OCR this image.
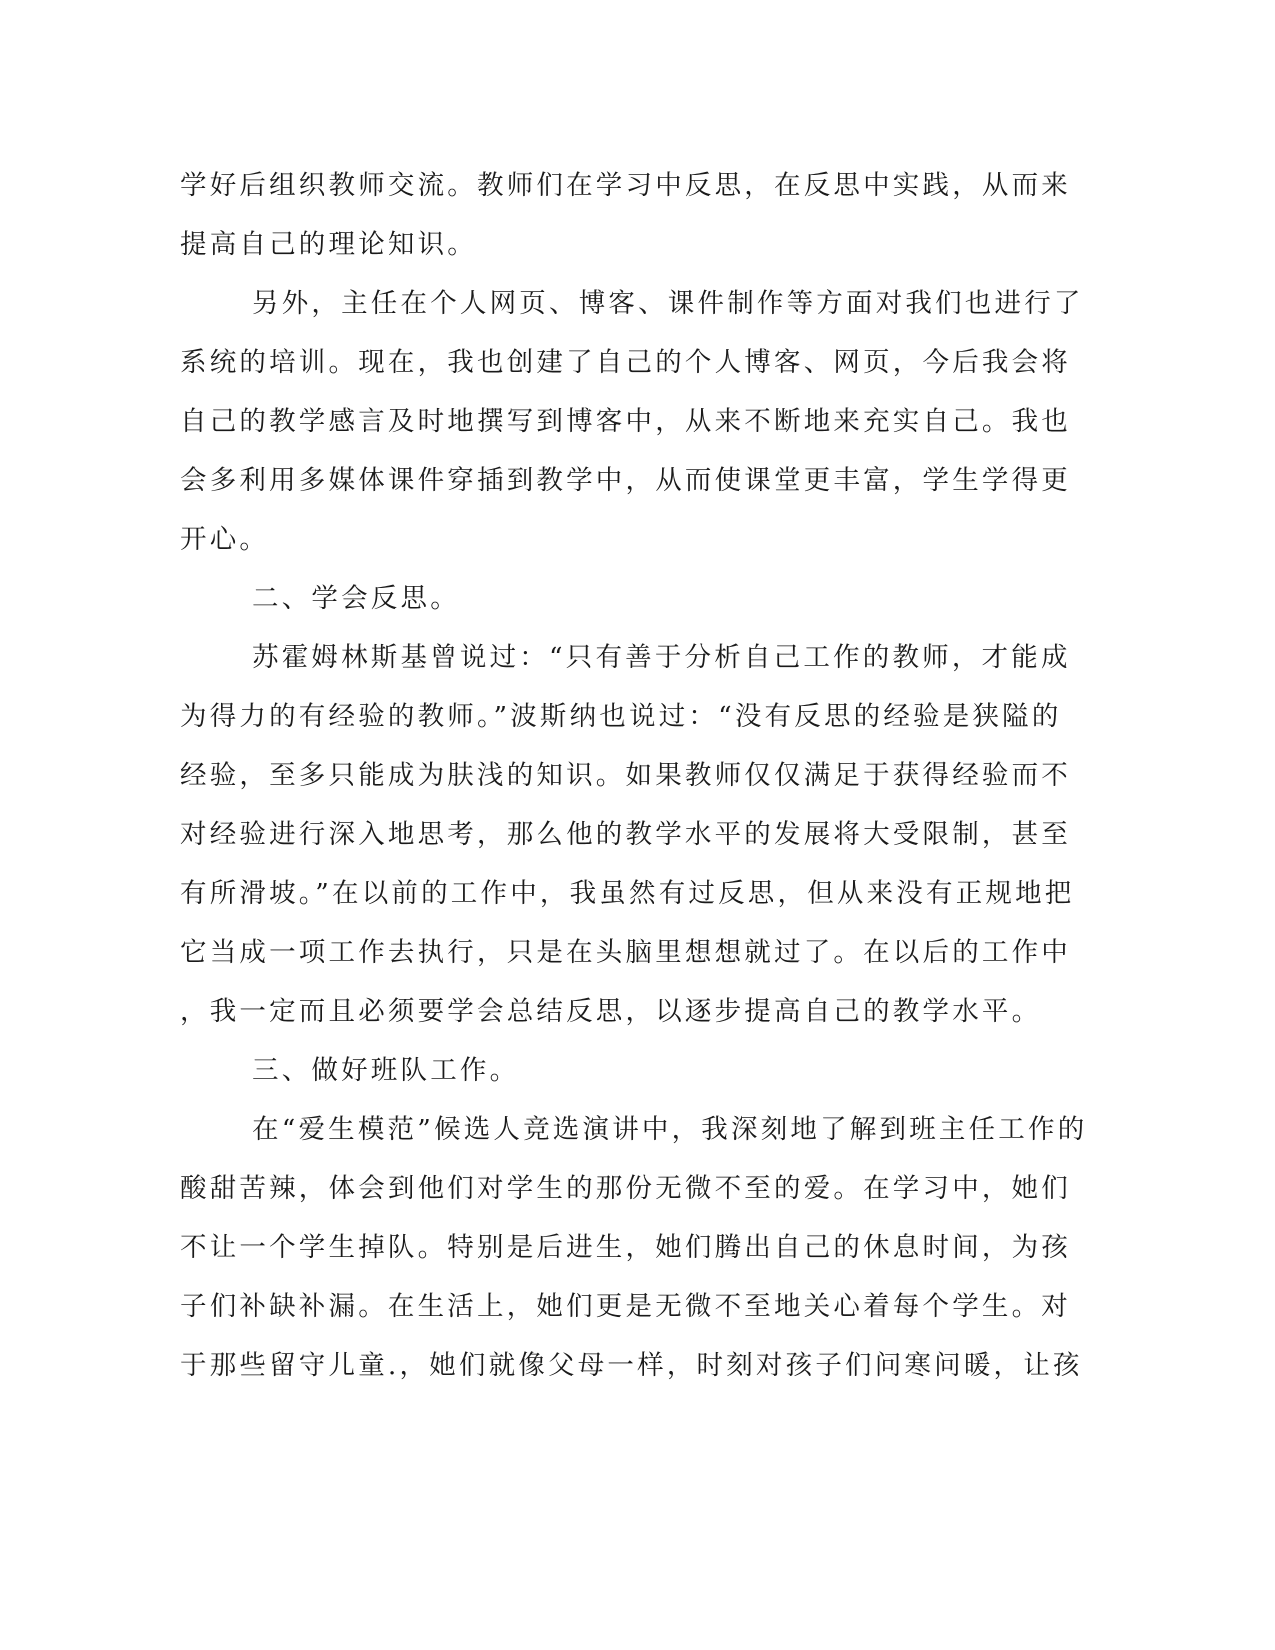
学好后组织教师交流。教师们在学习中反思，在反思中实践，从而来
提高自己的理论知识。
另外，主任在个人网页、博客、课件制作等方面对我们也进行了
系统的培训。现在，我也创建了自己的个人博客、网页，今后我会将
自己的教学感言及时地撰写到博客中，从来不断地来充实自己。我也
会多利用多媒体课件穿插到教学中，从而使课堂更丰富，学生学得更
开心。
二、学会反思。
苏霍姆林斯基曾说过：“只有善于分析自己工作的教师，才能成
为得力的有经验的教师。”波斯纳也说过：“没有反思的经验是狭隘的
经验，至多只能成为肤浅的知识。如果教师仅仅满足于获得经验而不
对经验进行深入地思考，那么他的教学水平的发展将大受限制，甚至
有所滑坡。”在以前的工作中，我虽然有过反思，但从来没有正规地把
它当成一项工作去执行，只是在头脑里想想就过了。在以后的工作中
，我一定而且必须要学会总结反思，以逐步提高自己的教学水平。
三、做好班队工作。
在“爱生模范”候选人竞选演讲中，我深刻地了解到班主任工作的
酸甜苦辣，体会到他们对学生的那份无微不至的爱。在学习中，她们
不让一个学生掉队。特别是后进生，她们腾出自己的休息时间，为孩
子们补缺补漏。在生活上，她们更是无微不至地关心着每个学生。对
于那些留守儿童.，她们就像父母一样，时刻对孩子们问寒问暖，让孩
